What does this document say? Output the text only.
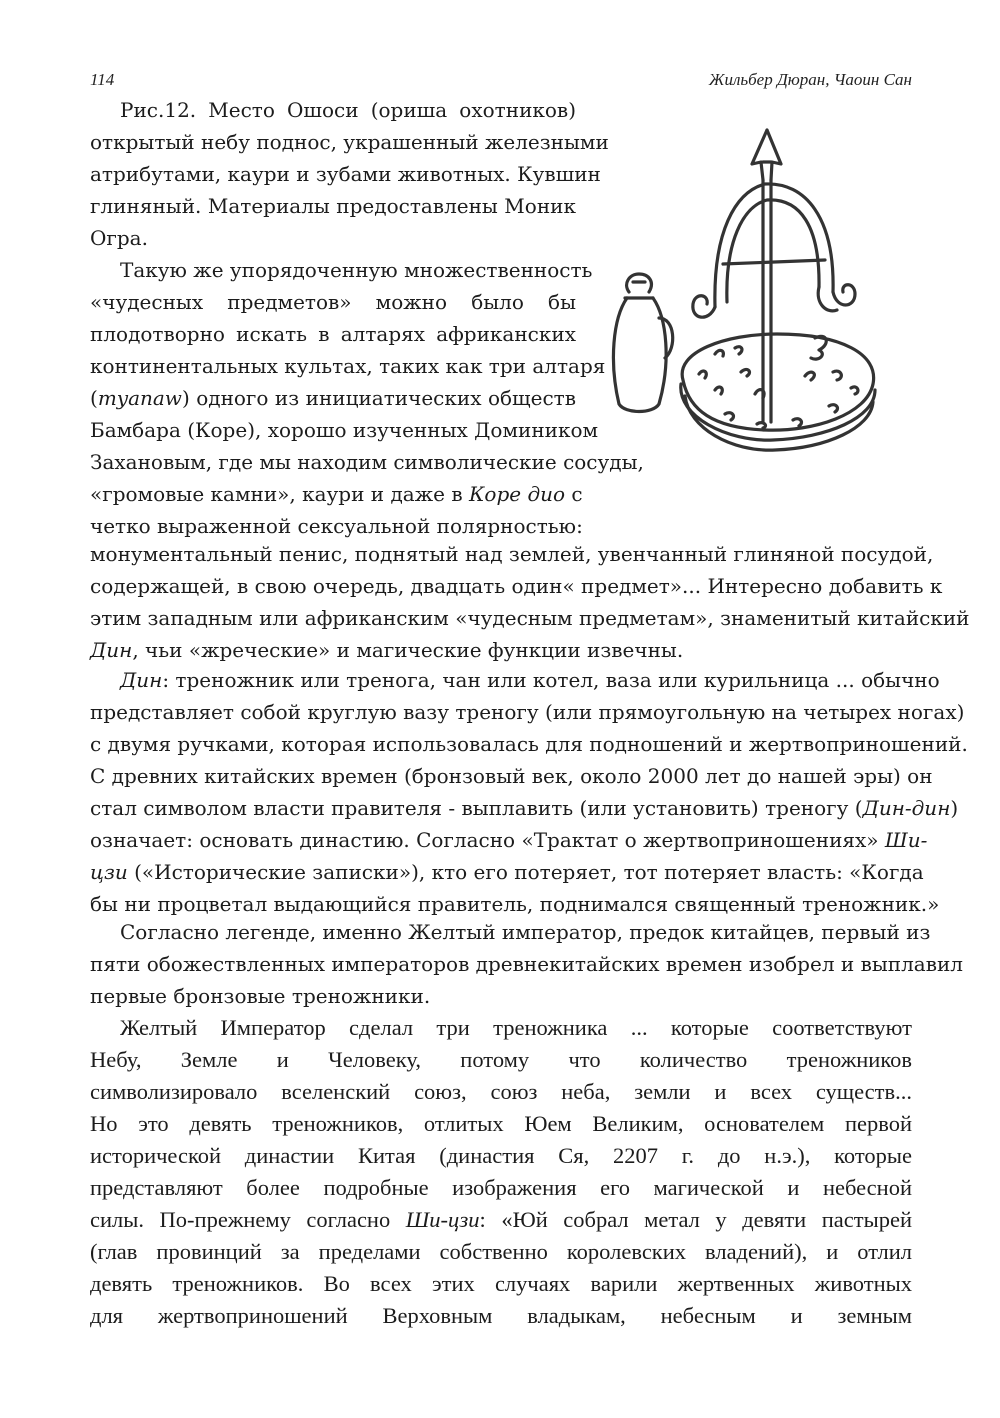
114	Жильбер Дюран, Чаоин Сан
Рис.12. Место Ошоси (ориша охотников)
открытый небу поднос, украшенный железными
атрибутами, каури и зубами животных. Кувшин
глиняный. Материалы предоставлены Моник
Огра.
Такую же упорядоченную множественность
«чудесных предметов» можно было бы
плодотворно искать в алтарях африканских
континентальных культах, таких как три алтаря
(myanaw) одного из инициатических обществ
Бамбара (Коре), хорошо изученных Домиником
Захановым, где мы находим символические сосуды,
«громовые камни», каури и даже в Коре дио с
четко выраженной сексуальной полярностью:
монументальный пенис, поднятый над землей, увенчанный глиняной посудой,
содержащей, в свою очередь, двадцать один« предмет»... Интересно добавить к
этим западным или африканским «чудесным предметам», знаменитый китайский
Дин, чьи «жреческие» и магические функции извечны.
Дин: треножник или тренога, чан или котел, ваза или курильница ... обычно
представляет собой круглую вазу треногу (или прямоугольную на четырех ногах)
с двумя ручками, которая использовалась для подношений и жертвоприношений.
С древних китайских времен (бронзовый век, около 2000 лет до нашей эры) он
стал символом власти правителя - выплавить (или установить) треногу (Дин-дин)
означает: основать династию. Согласно «Трактат о жертвоприношениях» Ши-
цзи («Исторические записки»), кто его потеряет, тот потеряет власть: «Когда
бы ни процветал выдающийся правитель, поднимался священный треножник.»
Согласно легенде, именно Желтый император, предок китайцев, первый из
пяти обожествленных императоров древнекитайских времен изобрел и выплавил
первые бронзовые треножники.
Желтый Император сделал три треножника ... которые соответствуют
Небу, Земле и Человеку, потому что количество треножников
символизировало вселенский союз, союз неба, земли и всех существ...
Но это девять треножников, отлитых Юем Великим, основателем первой
исторической династии Китая (династия Ся, 2207 г. до н.э.), которые
представляют более подробные изображения его магической и небесной
силы. По-прежнему согласно Ши-цзи: «Юй собрал метал у девяти пастырей
(глав провинций за пределами собственно королевских владений), и отлил
девять треножников. Во всех этих случаях варили жертвенных животных
для жертвоприношений Верховным владыкам, небесным и земным
